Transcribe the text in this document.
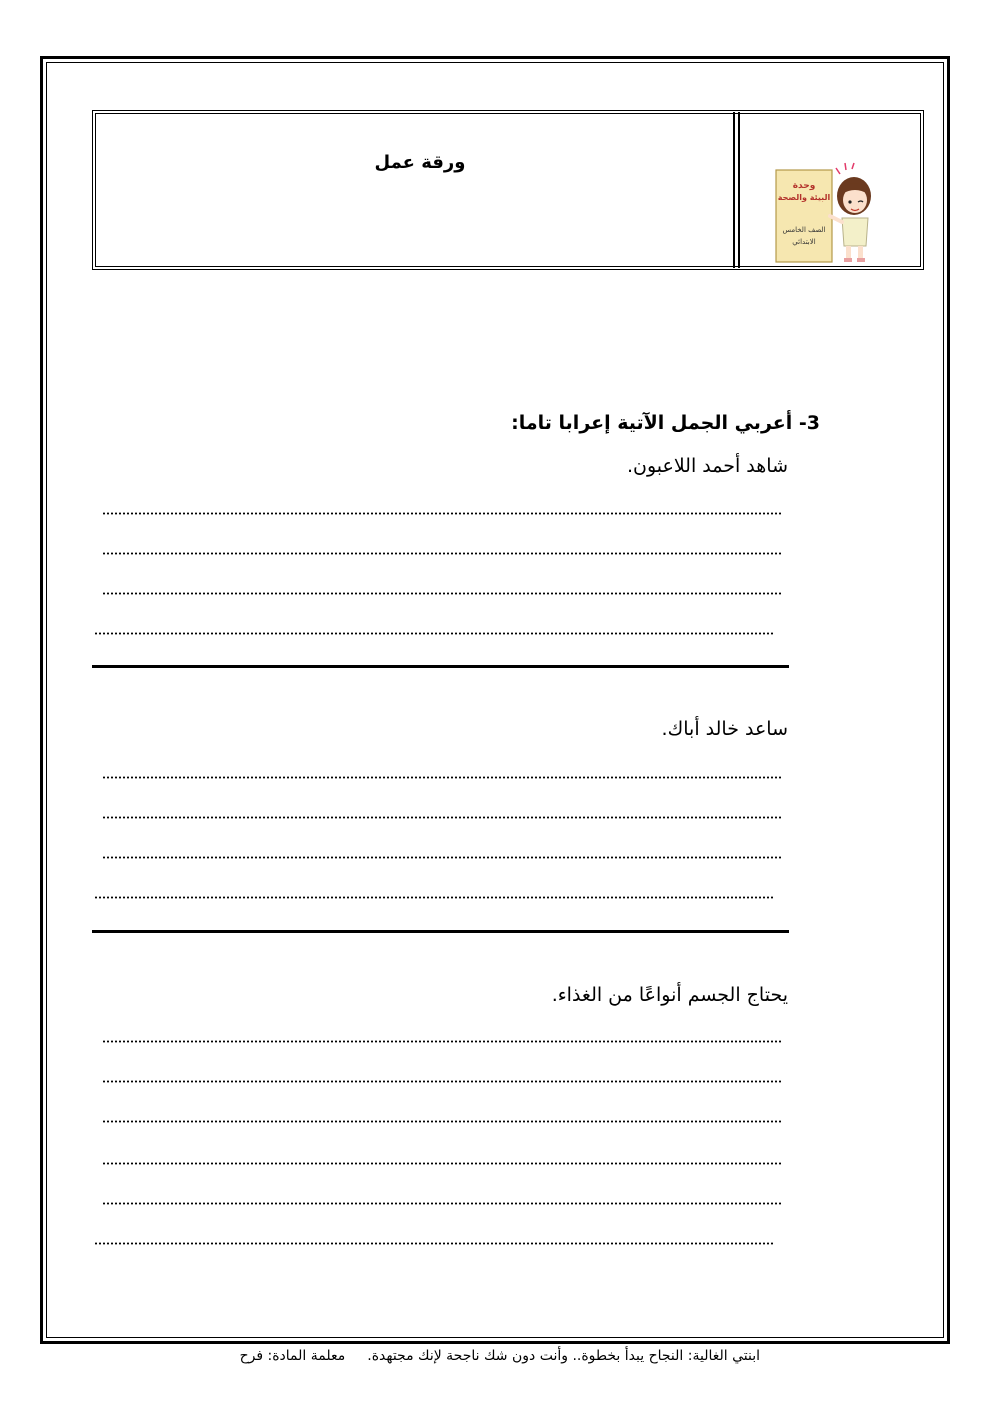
ورقة عمل
وحدة
البيئة والصحة
الصف الخامس
الابتدائي
3- أعربي الجمل الآتية إعرابا تاما:
شاهد أحمد اللاعبون.
ساعد خالد أباك.
يحتاج الجسم أنواعًا من الغذاء.
ابنتي الغالية: النجاح يبدأ بخطوة.. وأنت دون شك ناجحة لإنك مجتهدة.معلمة المادة: فرح
